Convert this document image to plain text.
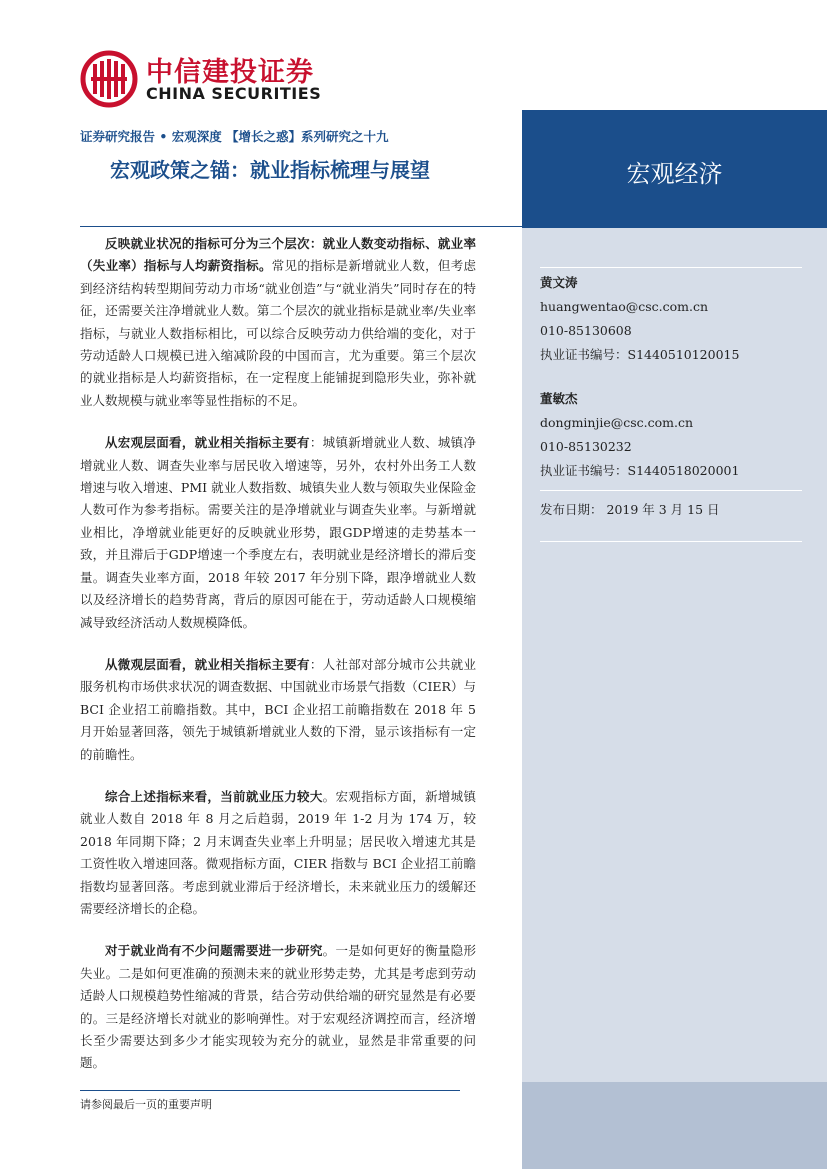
中信建投证券
CHINA SECURITIES
宏观经济
黄文涛
huangwentao@csc.com.cn
010-85130608
执业证书编号：S1440510120015
董敏杰
dongminjie@csc.com.cn
010-85130232
执业证书编号：S1440518020001
发布日期： 2019 年 3 月 15 日
证券研究报告 • 宏观深度 【增长之惑】系列研究之十九
宏观政策之锚：就业指标梳理与展望

反映就业状况的指标可分为三个层次：就业人数变动指标、就业率（失业率）指标与人均薪资指标。常见的指标是新增就业人数，但考虑到经济结构转型期间劳动力市场“就业创造”与“就业消失”同时存在的特征，还需要关注净增就业人数。第二个层次的就业指标是就业率/失业率指标，与就业人数指标相比，可以综合反映劳动力供给端的变化，对于劳动适龄人口规模已进入缩减阶段的中国而言，尤为重要。第三个层次的就业指标是人均薪资指标，在一定程度上能铺捉到隐形失业，弥补就业人数规模与就业率等显性指标的不足。

从宏观层面看，就业相关指标主要有：城镇新增就业人数、城镇净增就业人数、调查失业率与居民收入增速等，另外，农村外出务工人数增速与收入增速、PMI 就业人数指数、城镇失业人数与领取失业保险金人数可作为参考指标。需要关注的是净增就业与调查失业率。与新增就业相比，净增就业能更好的反映就业形势，跟GDP增速的走势基本一致，并且滞后于GDP增速一个季度左右，表明就业是经济增长的滞后变量。调查失业率方面，2018 年较 2017 年分别下降，跟净增就业人数以及经济增长的趋势背离，背后的原因可能在于，劳动适龄人口规模缩减导致经济活动人数规模降低。

从微观层面看，就业相关指标主要有：人社部对部分城市公共就业服务机构市场供求状况的调查数据、中国就业市场景气指数（CIER）与 BCI 企业招工前瞻指数。其中，BCI 企业招工前瞻指数在 2018 年 5 月开始显著回落，领先于城镇新增就业人数的下滑，显示该指标有一定的前瞻性。

综合上述指标来看，当前就业压力较大。宏观指标方面，新增城镇就业人数自 2018 年 8 月之后趋弱，2019 年 1-2 月为 174 万，较 2018 年同期下降；2 月末调查失业率上升明显；居民收入增速尤其是工资性收入增速回落。微观指标方面，CIER 指数与 BCI 企业招工前瞻指数均显著回落。考虑到就业滞后于经济增长，未来就业压力的缓解还需要经济增长的企稳。

对于就业尚有不少问题需要进一步研究。一是如何更好的衡量隐形失业。二是如何更准确的预测未来的就业形势走势，尤其是考虑到劳动适龄人口规模趋势性缩减的背景，结合劳动供给端的研究显然是有必要的。三是经济增长对就业的影响弹性。对于宏观经济调控而言，经济增长至少需要达到多少才能实现较为充分的就业，显然是非常重要的问题。

请参阅最后一页的重要声明
